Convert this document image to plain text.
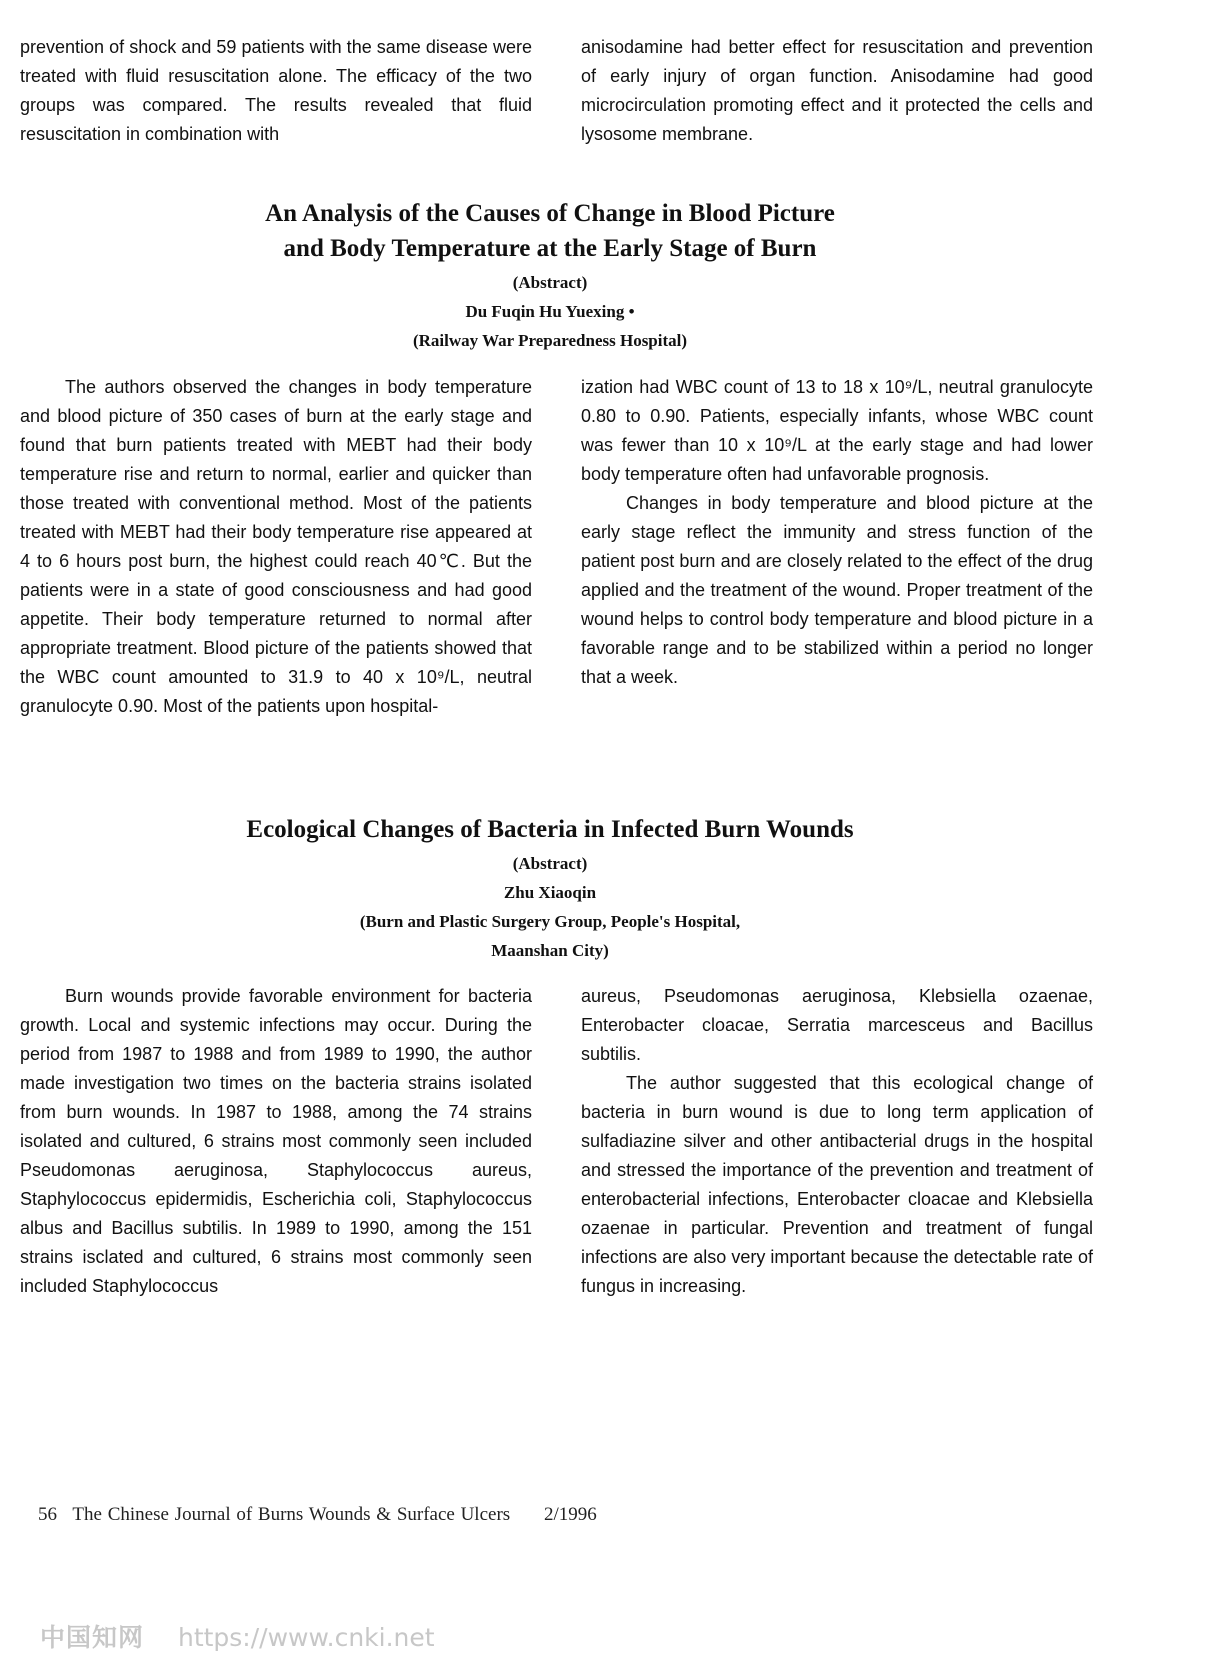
prevention of shock and 59 patients with the same disease were treated with fluid resuscitation alone. The efficacy of the two groups was compared. The results revealed that fluid resuscitation in combination with

anisodamine had better effect for resuscitation and prevention of early injury of organ function. Anisodamine had good microcirculation promoting effect and it protected the cells and lysosome membrane.

An Analysis of the Causes of Change in Blood Picture

and Body Temperature at the Early Stage of Burn

(Abstract)

Du Fuqin Hu Yuexing •

(Railway War Preparedness Hospital)

The authors observed the changes in body temperature and blood picture of 350 cases of burn at the early stage and found that burn patients treated with MEBT had their body temperature rise and return to normal, earlier and quicker than those treated with conventional method. Most of the patients treated with MEBT had their body temperature rise appeared at 4 to 6 hours post burn, the highest could reach 40℃. But the patients were in a state of good consciousness and had good appetite. Their body temperature returned to normal after appropriate treatment. Blood picture of the patients showed that the WBC count amounted to 31.9 to 40 x 10⁹/L, neutral granulocyte 0.90. Most of the patients upon hospital-

ization had WBC count of 13 to 18 x 10⁹/L, neutral granulocyte 0.80 to 0.90. Patients, especially infants, whose WBC count was fewer than 10 x 10⁹/L at the early stage and had lower body temperature often had unfavorable prognosis.

Changes in body temperature and blood picture at the early stage reflect the immunity and stress function of the patient post burn and are closely related to the effect of the drug applied and the treatment of the wound. Proper treatment of the wound helps to control body temperature and blood picture in a favorable range and to be stabilized within a period no longer that a week.

Ecological Changes of Bacteria in Infected Burn Wounds

(Abstract)

Zhu Xiaoqin

(Burn and Plastic Surgery Group, People's Hospital,

Maanshan City)

Burn wounds provide favorable environment for bacteria growth. Local and systemic infections may occur. During the period from 1987 to 1988 and from 1989 to 1990, the author made investigation two times on the bacteria strains isolated from burn wounds. In 1987 to 1988, among the 74 strains isolated and cultured, 6 strains most commonly seen included Pseudomonas aeruginosa, Staphylococcus aureus, Staphylococcus epidermidis, Escherichia coli, Staphylococcus albus and Bacillus subtilis. In 1989 to 1990, among the 151 strains isclated and cultured, 6 strains most commonly seen included Staphylococcus

aureus, Pseudomonas aeruginosa, Klebsiella ozaenae, Enterobacter cloacae, Serratia marcesceus and Bacillus subtilis.

The author suggested that this ecological change of bacteria in burn wound is due to long term application of sulfadiazine silver and other antibacterial drugs in the hospital and stressed the importance of the prevention and treatment of enterobacterial infections, Enterobacter cloacae and Klebsiella ozaenae in particular. Prevention and treatment of fungal infections are also very important because the detectable rate of fungus in increasing.

56 The Chinese Journal of Burns Wounds & Surface Ulcers 2/1996
中国知网 https://www.cnki.net
